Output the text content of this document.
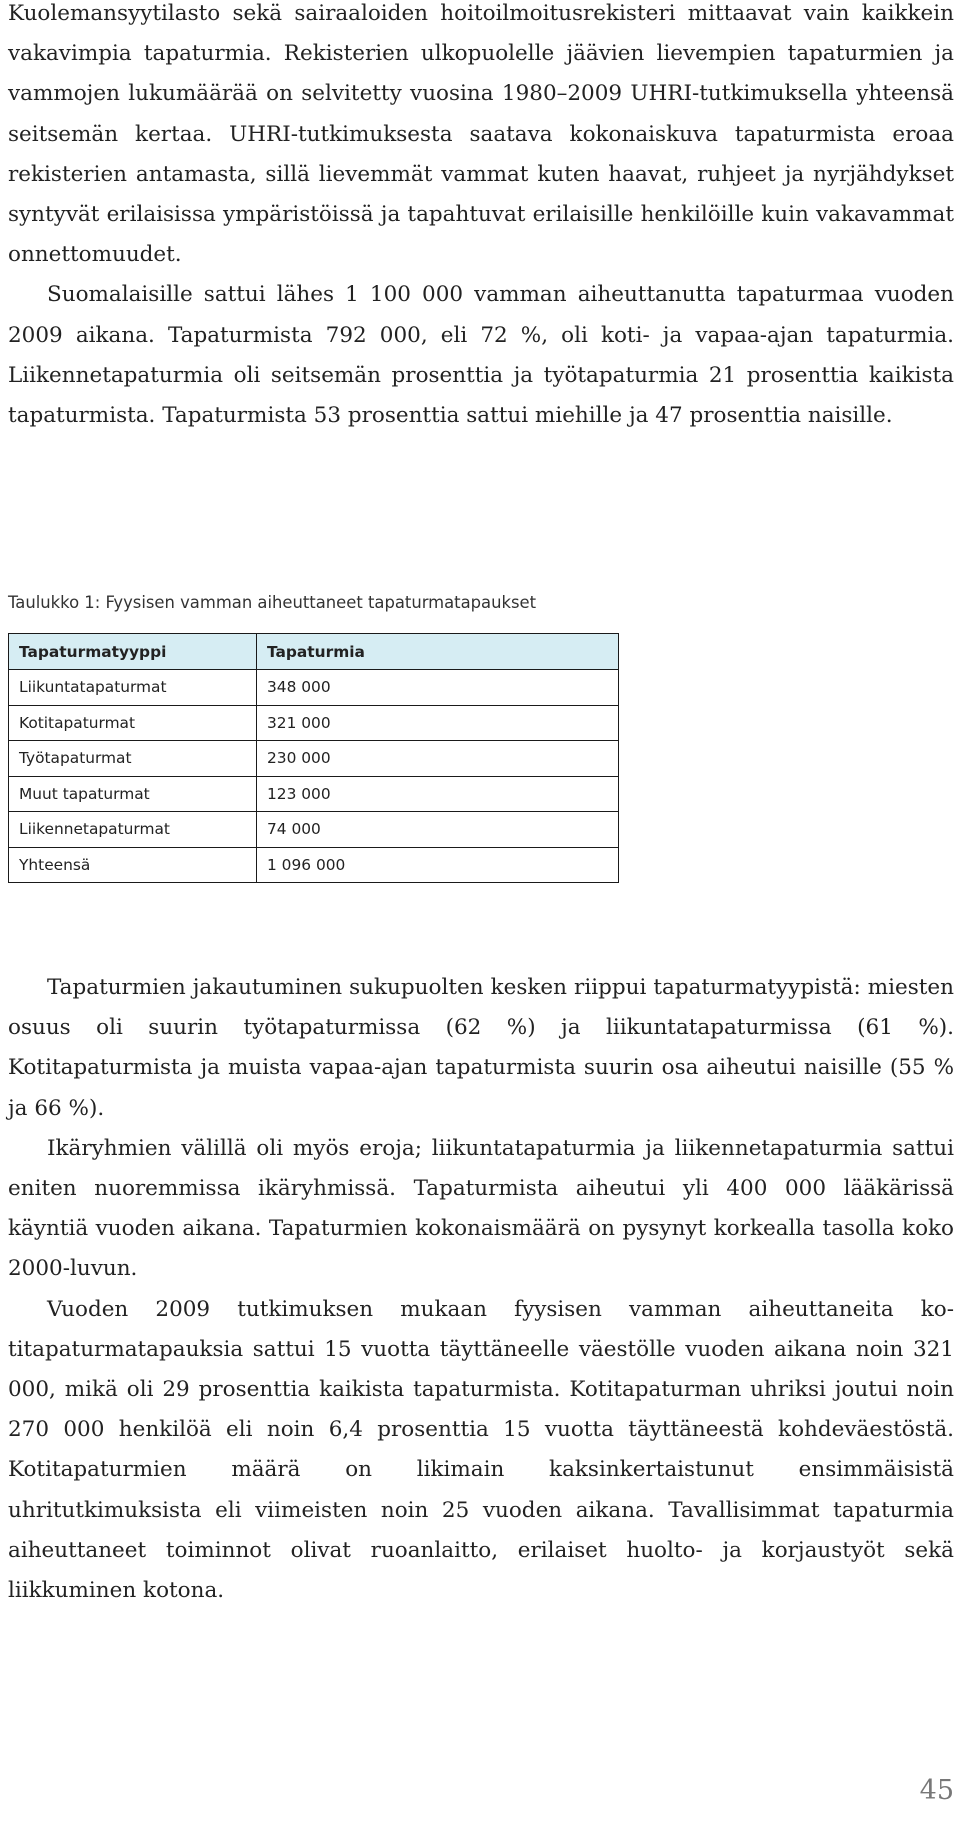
Kuolemansyytilasto sekä sairaaloiden hoitoilmoitusrekisteri mittaavat vain kaikkein vakavimpia tapaturmia. Rekisterien ulkopuolelle jäävien lievempien tapaturmien ja vammojen lukumäärää on selvitetty vuosina 1980–2009 UHRI-tutkimuksella yhteensä seitsemän kertaa. UHRI-tutkimuksesta saatava kokonaiskuva tapaturmista eroaa rekisterien antamasta, sillä lievemmät vammat kuten haavat, ruhjeet ja nyrjähdykset syntyvät erilaisissa ympäristöissä ja tapahtuvat erilaisille henkilöille kuin vakavammat onnettomuudet.

Suomalaisille sattui lähes 1 100 000 vamman aiheuttanutta tapaturmaa vuoden 2009 aikana. Tapaturmista 792 000, eli 72 %, oli koti- ja vapaa-ajan tapaturmia. Liikennetapaturmia oli seitsemän prosenttia ja työtapaturmia 21 prosenttia kaikista tapaturmista. Tapaturmista 53 prosenttia sattui miehille ja 47 prosenttia naisille.

Taulukko 1: Fyysisen vamman aiheuttaneet tapaturmatapaukset

Tapaturmatyyppi	Tapaturmia
Liikuntatapaturmat	348 000
Kotitapaturmat	321 000
Työtapaturmat	230 000
Muut tapaturmat	123 000
Liikennetapaturmat	74 000
Yhteensä	1 096 000

Tapaturmien jakautuminen sukupuolten kesken riippui tapaturmatyypistä: miesten osuus oli suurin työtapaturmissa (62 %) ja liikuntatapaturmissa (61 %). Kotitapaturmista ja muista vapaa-ajan tapaturmista suurin osa aiheutui naisille (55 % ja 66 %).

Ikäryhmien välillä oli myös eroja; liikuntatapaturmia ja liikennetapaturmia sattui eniten nuoremmissa ikäryhmissä. Tapaturmista aiheutui yli 400 000 lääkärissä käyntiä vuoden aikana. Tapaturmien kokonaismäärä on pysynyt korkealla tasolla koko 2000-luvun.

Vuoden 2009 tutkimuksen mukaan fyysisen vamman aiheuttaneita kotitapaturmatapauksia sattui 15 vuotta täyttäneelle väestölle vuoden aikana noin 321 000, mikä oli 29 prosenttia kaikista tapaturmista. Kotitapaturman uhriksi joutui noin 270 000 henkilöä eli noin 6,4 prosenttia 15 vuotta täyttäneestä kohdeväestöstä. Kotitapaturmien määrä on likimain kaksinkertaistunut ensimmäisistä uhritutkimuksista eli viimeisten noin 25 vuoden aikana. Tavallisimmat tapaturmia aiheuttaneet toiminnot olivat ruoanlaitto, erilaiset huolto- ja korjaustyöt sekä liikkuminen kotona.

45
